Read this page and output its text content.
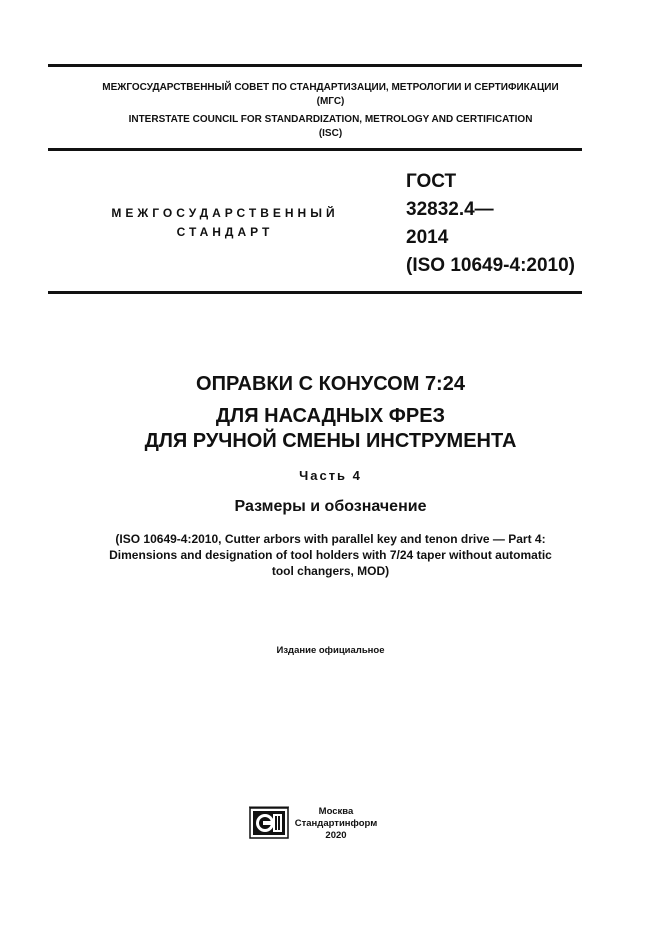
МЕЖГОСУДАРСТВЕННЫЙ СОВЕТ ПО СТАНДАРТИЗАЦИИ, МЕТРОЛОГИИ И СЕРТИФИКАЦИИ
(МГС)
INTERSTATE COUNCIL FOR STANDARDIZATION, METROLOGY AND CERTIFICATION
(ISC)
МЕЖГОСУДАРСТВЕННЫЙ
СТАНДАРТ
ГОСТ
32832.4—
2014
(ISO 10649-4:2010)
ОПРАВКИ С КОНУСОМ 7:24
ДЛЯ НАСАДНЫХ ФРЕЗ
ДЛЯ РУЧНОЙ СМЕНЫ ИНСТРУМЕНТА
Часть 4
Размеры и обозначение
(ISO 10649-4:2010, Cutter arbors with parallel key and tenon drive — Part 4:
Dimensions and designation of tool holders with 7/24 taper without automatic
tool changers, MOD)
Издание официальное
Москва
Стандартинформ
2020
